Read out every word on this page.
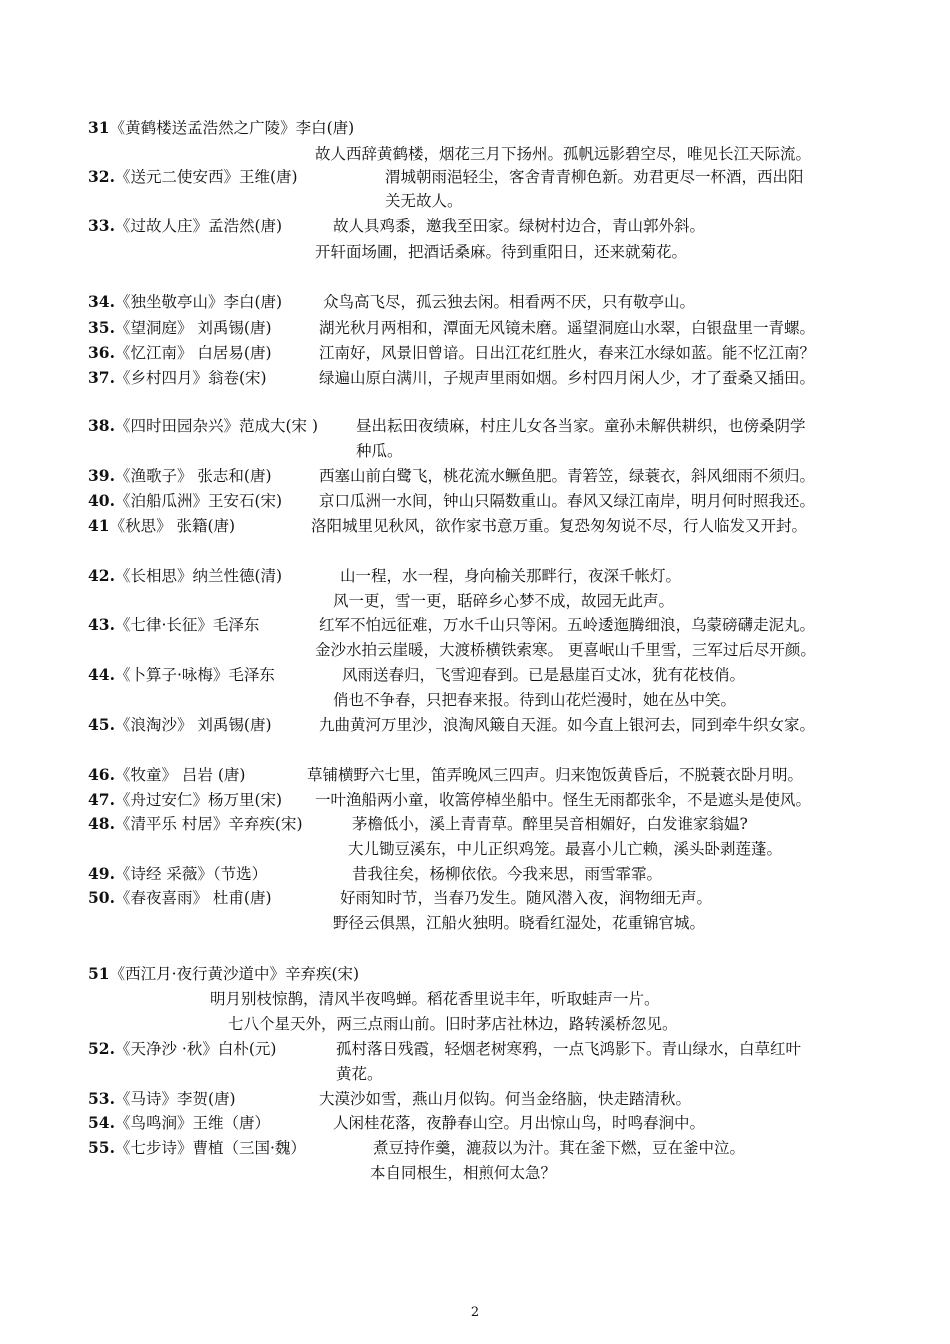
31《黄鹤楼送孟浩然之广陵》李白(唐)
故人西辞黄鹤楼，烟花三月下扬州。孤帆远影碧空尽，唯见长江天际流。
32.《送元二使安西》王维(唐)	渭城朝雨浥轻尘，客舍青青柳色新。劝君更尽一杯酒，西出阳
关无故人。
33.《过故人庄》孟浩然(唐)	故人具鸡黍，邀我至田家。绿树村边合，青山郭外斜。
开轩面场圃，把酒话桑麻。待到重阳日，还来就菊花。
34.《独坐敬亭山》李白(唐)	众鸟高飞尽，孤云独去闲。相看两不厌，只有敬亭山。
35.《望洞庭》 刘禹锡(唐)	湖光秋月两相和，潭面无风镜未磨。遥望洞庭山水翠，白银盘里一青螺。
36.《忆江南》 白居易(唐)	江南好，风景旧曾谙。日出江花红胜火，春来江水绿如蓝。能不忆江南？
37.《乡村四月》翁卷(宋)	绿遍山原白满川，子规声里雨如烟。乡村四月闲人少，才了蚕桑又插田。
38.《四时田园杂兴》范成大(宋 ) 昼出耘田夜绩麻，村庄儿女各当家。童孙未解供耕织，也傍桑阴学
种瓜。
39.《渔歌子》 张志和(唐)	西塞山前白鹭飞，桃花流水鳜鱼肥。青箬笠，绿蓑衣，斜风细雨不须归。
40.《泊船瓜洲》王安石(宋) 京口瓜洲一水间，钟山只隔数重山。春风又绿江南岸，明月何时照我还。
41《秋思》 张籍(唐)	洛阳城里见秋风，欲作家书意万重。复恐匆匆说不尽，行人临发又开封。
42.《长相思》纳兰性德(清)	山一程，水一程，身向榆关那畔行，夜深千帐灯。
风一更，雪一更，聒碎乡心梦不成，故园无此声。
43.《七律·长征》毛泽东	红军不怕远征难，万水千山只等闲。五岭逶迤腾细浪，乌蒙磅礴走泥丸。
金沙水拍云崖暖，大渡桥横铁索寒。 更喜岷山千里雪，三军过后尽开颜。
44.《卜算子·咏梅》毛泽东	风雨送春归，飞雪迎春到。已是悬崖百丈冰，犹有花枝俏。
俏也不争春，只把春来报。待到山花烂漫时，她在丛中笑。
45.《浪淘沙》 刘禹锡(唐)	九曲黄河万里沙，浪淘风簸自天涯。如今直上银河去，同到牵牛织女家。
46.《牧童》 吕岩 (唐)	草铺横野六七里，笛弄晚风三四声。归来饱饭黄昏后，不脱蓑衣卧月明。
47.《舟过安仁》杨万里(宋) 一叶渔船两小童，收篙停棹坐船中。怪生无雨都张伞，不是遮头是使风。
48.《清平乐 村居》辛弃疾(宋)	茅檐低小，溪上青青草。醉里吴音相媚好，白发谁家翁媪?
大儿锄豆溪东，中儿正织鸡笼。最喜小儿亡赖，溪头卧剥莲蓬。
49.《诗经 采薇》（节选）	昔我往矣，杨柳依依。今我来思，雨雪霏霏。
50.《春夜喜雨》 杜甫(唐)	好雨知时节，当春乃发生。随风潜入夜，润物细无声。
野径云俱黑，江船火独明。晓看红湿处，花重锦官城。
51《西江月·夜行黄沙道中》辛弃疾(宋)
明月别枝惊鹊，清风半夜鸣蝉。稻花香里说丰年，听取蛙声一片。
七八个星天外，两三点雨山前。旧时茅店社林边，路转溪桥忽见。
52.《天净沙 ·秋》白朴(元)	孤村落日残霞，轻烟老树寒鸦，一点飞鸿影下。青山绿水，白草红叶
黄花。
53.《马诗》李贺(唐)	大漠沙如雪，燕山月似钩。何当金络脑，快走踏清秋。
54.《鸟鸣涧》王维（唐）	人闲桂花落，夜静春山空。月出惊山鸟，时鸣春涧中。
55.《七步诗》曹植（三国·魏）	煮豆持作羹，漉菽以为汁。萁在釜下燃，豆在釜中泣。
本自同根生，相煎何太急？
2
